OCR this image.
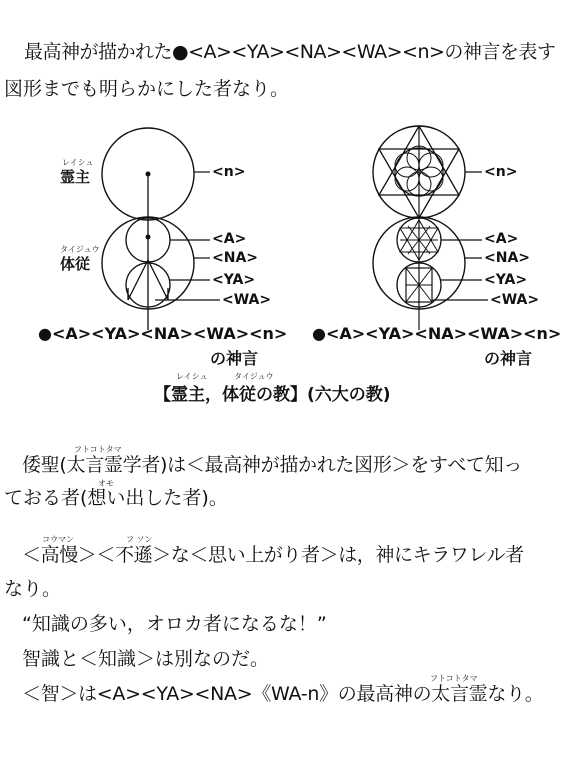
最高神が描かれた●<A><YA><NA><WA><n>の神言を表す
図形までも明らかにした者なり。
レイシュ
霊主
タイジュウ
体従
<n>
<A>
<NA>
<YA>
<WA>
<n>
<A>
<NA>
<YA>
<WA>
●<A><YA><NA><WA><n>
の神言
●<A><YA><NA><WA><n>
の神言
レイシュ	タイジュウ
【霊主，体従の教】(六大の教)
フトコトタマ
倭聖(太言霊学者)は＜最高神が描かれた図形＞をすべて知っ
オモ
ておる者(想い出した者)。
コウマン	フ ソン
＜高慢＞＜不遜＞な＜思い上がり者＞は，神にキラワレル者
なり。
“知識の多い，オロカ者になるな！”
智識と＜知識＞は別なのだ。
フトコトタマ
＜智＞は<A><YA><NA>《WA-n》の最高神の太言霊なり。
